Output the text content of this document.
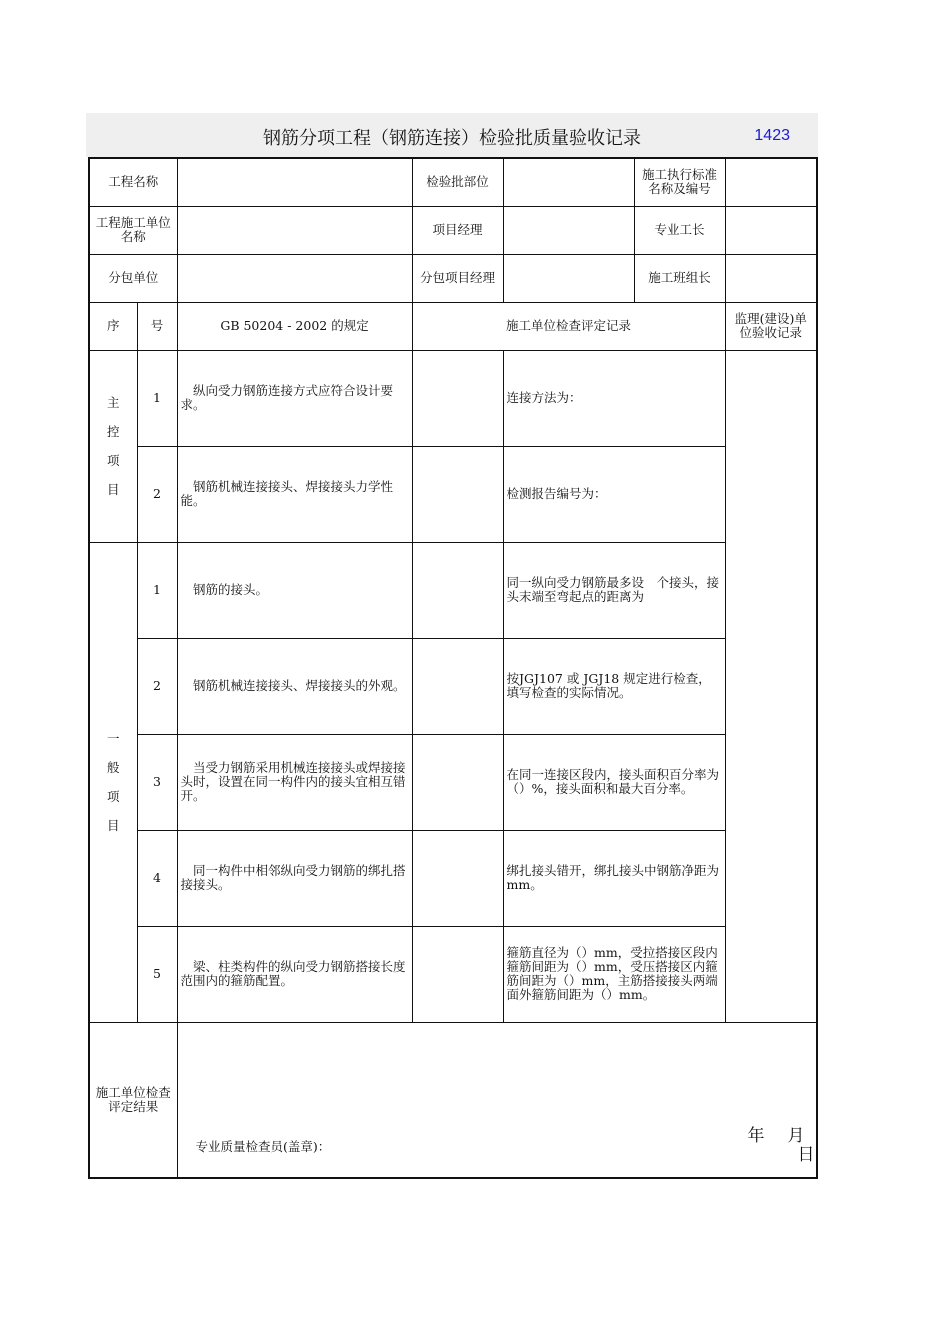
钢筋分项工程（钢筋连接）检验批质量验收记录	1423
工程名称			检验批部位		施工执行标准名称及编号	
工程施工单位名称			项目经理		专业工长	
分包单位			分包项目经理		施工班组长	
序	号	GB 50204 - 2002 的规定	施工单位检查评定记录			监理(建设)单位验收记录

主
控
项
目	1	　纵向受力钢筋连接方式应符合设计要求。		连接方法为：		
	2	　钢筋机械连接接头、焊接接头力学性能。		检测报告编号为：		

一
般
项
目	1	　钢筋的接头。		同一纵向受力钢筋最多设　个接头，接头末端至弯起点的距离为		
	2	　钢筋机械连接接头、焊接接头的外观。		按JGJ107 或 JGJ18 规定进行检查，填写检查的实际情况。		
	3	　当受力钢筋采用机械连接接头或焊接接头时，设置在同一构件内的接头宜相互错开。		在同一连接区段内，接头面积百分率为（）%，接头面积和最大百分率。		
	4	　同一构件中相邻纵向受力钢筋的绑扎搭接接头。		绑扎接头错开，绑扎接头中钢筋净距为　 mm。		
	5	　梁、柱类构件的纵向受力钢筋搭接长度范围内的箍筋配置。		箍筋直径为（）mm，受拉搭接区段内箍筋间距为（）mm，受压搭接区内箍筋间距为（）mm，主筋搭接接头两端面外箍筋间距为（）mm。		
施工单位检查评定结果		专业质量检查员(盖章)：
年 月
日				
